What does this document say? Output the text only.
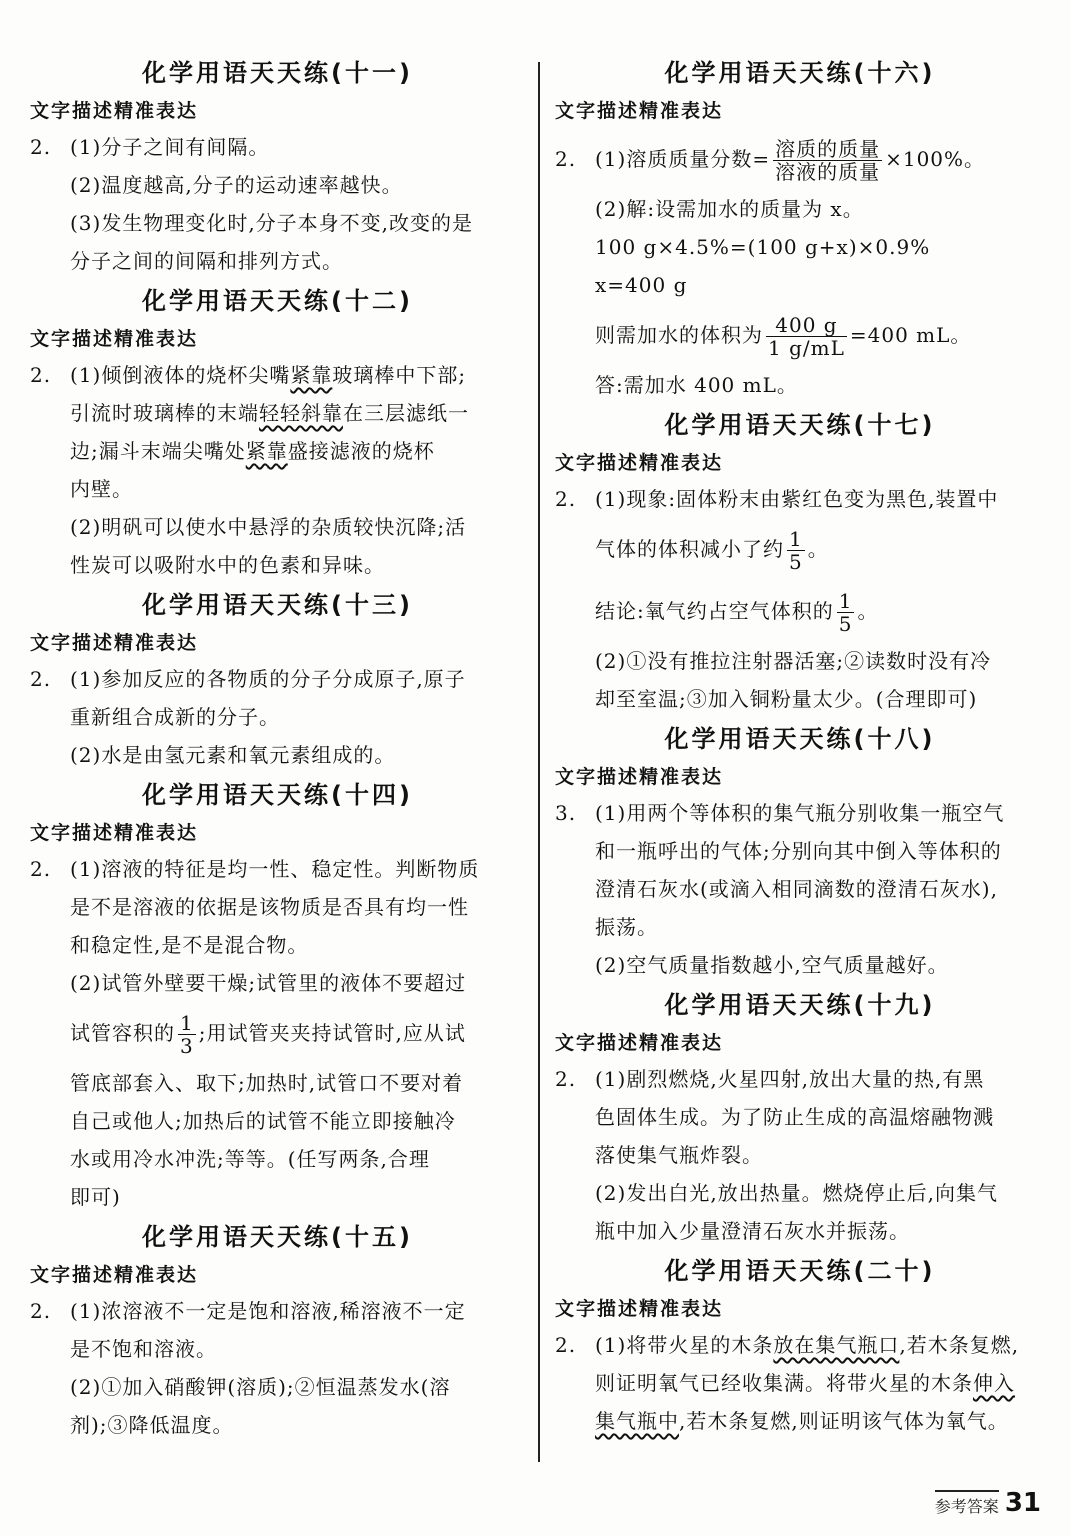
化学用语天天练(十一)
文字描述精准表达
2. (1)分子之间有间隔。
(2)温度越高,分子的运动速率越快。
(3)发生物理变化时,分子本身不变,改变的是
分子之间的间隔和排列方式。
化学用语天天练(十二)
文字描述精准表达
2. (1)倾倒液体的烧杯尖嘴紧靠玻璃棒中下部;
引流时玻璃棒的末端轻轻斜靠在三层滤纸一
边;漏斗末端尖嘴处紧靠盛接滤液的烧杯
内壁。
(2)明矾可以使水中悬浮的杂质较快沉降;活
性炭可以吸附水中的色素和异味。
化学用语天天练(十三)
文字描述精准表达
2. (1)参加反应的各物质的分子分成原子,原子
重新组合成新的分子。
(2)水是由氢元素和氧元素组成的。
化学用语天天练(十四)
文字描述精准表达
2. (1)溶液的特征是均一性、稳定性。判断物质
是不是溶液的依据是该物质是否具有均一性
和稳定性,是不是混合物。
(2)试管外壁要干燥;试管里的液体不要超过
试管容积的 $\frac{1}{3}$ ;用试管夹夹持试管时,应从试
管底部套入、取下;加热时,试管口不要对着
自己或他人;加热后的试管不能立即接触冷
水或用冷水冲洗;等等。(任写两条,合理
即可)
化学用语天天练(十五)
文字描述精准表达
2. (1)浓溶液不一定是饱和溶液,稀溶液不一定
是不饱和溶液。
(2)①加入硝酸钾(溶质);②恒温蒸发水(溶
剂);③降低温度。
化学用语天天练(十六)
文字描述精准表达
2. (1)溶质质量分数= $\frac{\text{溶质的质量}}{\text{溶液的质量}} \times 100\%$。
(2)解:设需加水的质量为 x。
100 g×4.5%=(100 g+x)×0.9%
x=400 g
则需加水的体积为 $\frac{400 g}{1 g/mL} =400$ mL。
答:需加水 400 mL。
化学用语天天练(十七)
文字描述精准表达
2. (1)现象:固体粉末由紫红色变为黑色,装置中
气体的体积减小了约 $\frac{1}{5}$ 。
结论:氧气约占空气体积的 $\frac{1}{5}$ 。
(2)①没有推拉注射器活塞;②读数时没有冷
却至室温;③加入铜粉量太少。(合理即可)
化学用语天天练(十八)
文字描述精准表达
3. (1)用两个等体积的集气瓶分别收集一瓶空气
和一瓶呼出的气体;分别向其中倒入等体积的
澄清石灰水(或滴入相同滴数的澄清石灰水),
振荡。
(2)空气质量指数越小,空气质量越好。
化学用语天天练(十九)
文字描述精准表达
2. (1)剧烈燃烧,火星四射,放出大量的热,有黑
色固体生成。为了防止生成的高温熔融物溅
落使集气瓶炸裂。
(2)发出白光,放出热量。燃烧停止后,向集气
瓶中加入少量澄清石灰水并振荡。
化学用语天天练(二十)
文字描述精准表达
2. (1)将带火星的木条放在集气瓶口,若木条复燃,
则证明氧气已经收集满。将带火星的木条伸入
集气瓶中,若木条复燃,则证明该气体为氧气。
参考答案 31
